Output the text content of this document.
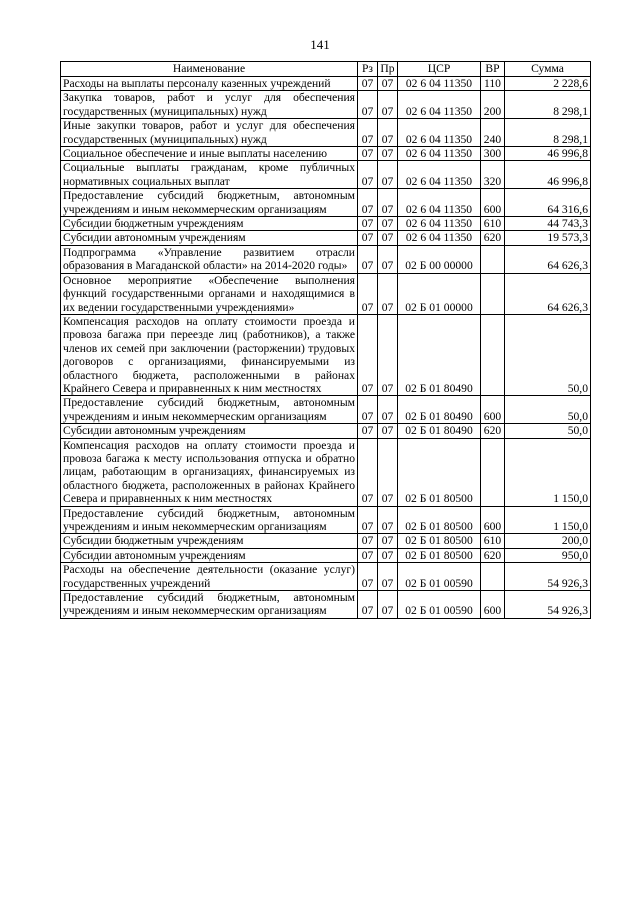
141
Наименование	Рз	Пр	ЦСР	ВР	Сумма
Расходы на выплаты персоналу казенных учреждений	07	07	02 6 04 11350	110	2 228,6
Закупка товаров, работ и услуг для обеспечения государственных (муниципальных) нужд	07	07	02 6 04 11350	200	8 298,1
Иные закупки товаров, работ и услуг для обеспечения государственных (муниципальных) нужд	07	07	02 6 04 11350	240	8 298,1
Социальное обеспечение и иные выплаты населению	07	07	02 6 04 11350	300	46 996,8
Социальные выплаты гражданам, кроме публичных нормативных социальных выплат	07	07	02 6 04 11350	320	46 996,8
Предоставление субсидий бюджетным, автономным учреждениям и иным некоммерческим организациям	07	07	02 6 04 11350	600	64 316,6
Субсидии бюджетным учреждениям	07	07	02 6 04 11350	610	44 743,3
Субсидии автономным учреждениям	07	07	02 6 04 11350	620	19 573,3
Подпрограмма «Управление развитием отрасли образования в Магаданской области» на 2014-2020 годы»	07	07	02 Б 00 00000		64 626,3
Основное мероприятие «Обеспечение выполнения функций государственными органами и находящимися в их ведении государственными учреждениями»	07	07	02 Б 01 00000		64 626,3
Компенсация расходов на оплату стоимости проезда и провоза багажа при переезде лиц (работников), а также членов их семей при заключении (расторжении) трудовых договоров с организациями, финансируемыми из областного бюджета, расположенными в районах Крайнего Севера и приравненных к ним местностях	07	07	02 Б 01 80490		50,0
Предоставление субсидий бюджетным, автономным учреждениям и иным некоммерческим организациям	07	07	02 Б 01 80490	600	50,0
Субсидии автономным учреждениям	07	07	02 Б 01 80490	620	50,0
Компенсация расходов на оплату стоимости проезда и провоза багажа к месту использования отпуска и обратно лицам, работающим в организациях, финансируемых из областного бюджета, расположенных в районах Крайнего Севера и приравненных к ним местностях	07	07	02 Б 01 80500		1 150,0
Предоставление субсидий бюджетным, автономным учреждениям и иным некоммерческим организациям	07	07	02 Б 01 80500	600	1 150,0
Субсидии бюджетным учреждениям	07	07	02 Б 01 80500	610	200,0
Субсидии автономным учреждениям	07	07	02 Б 01 80500	620	950,0
Расходы на обеспечение деятельности (оказание услуг) государственных учреждений	07	07	02 Б 01 00590		54 926,3
Предоставление субсидий бюджетным, автономным учреждениям и иным некоммерческим организациям	07	07	02 Б 01 00590	600	54 926,3
